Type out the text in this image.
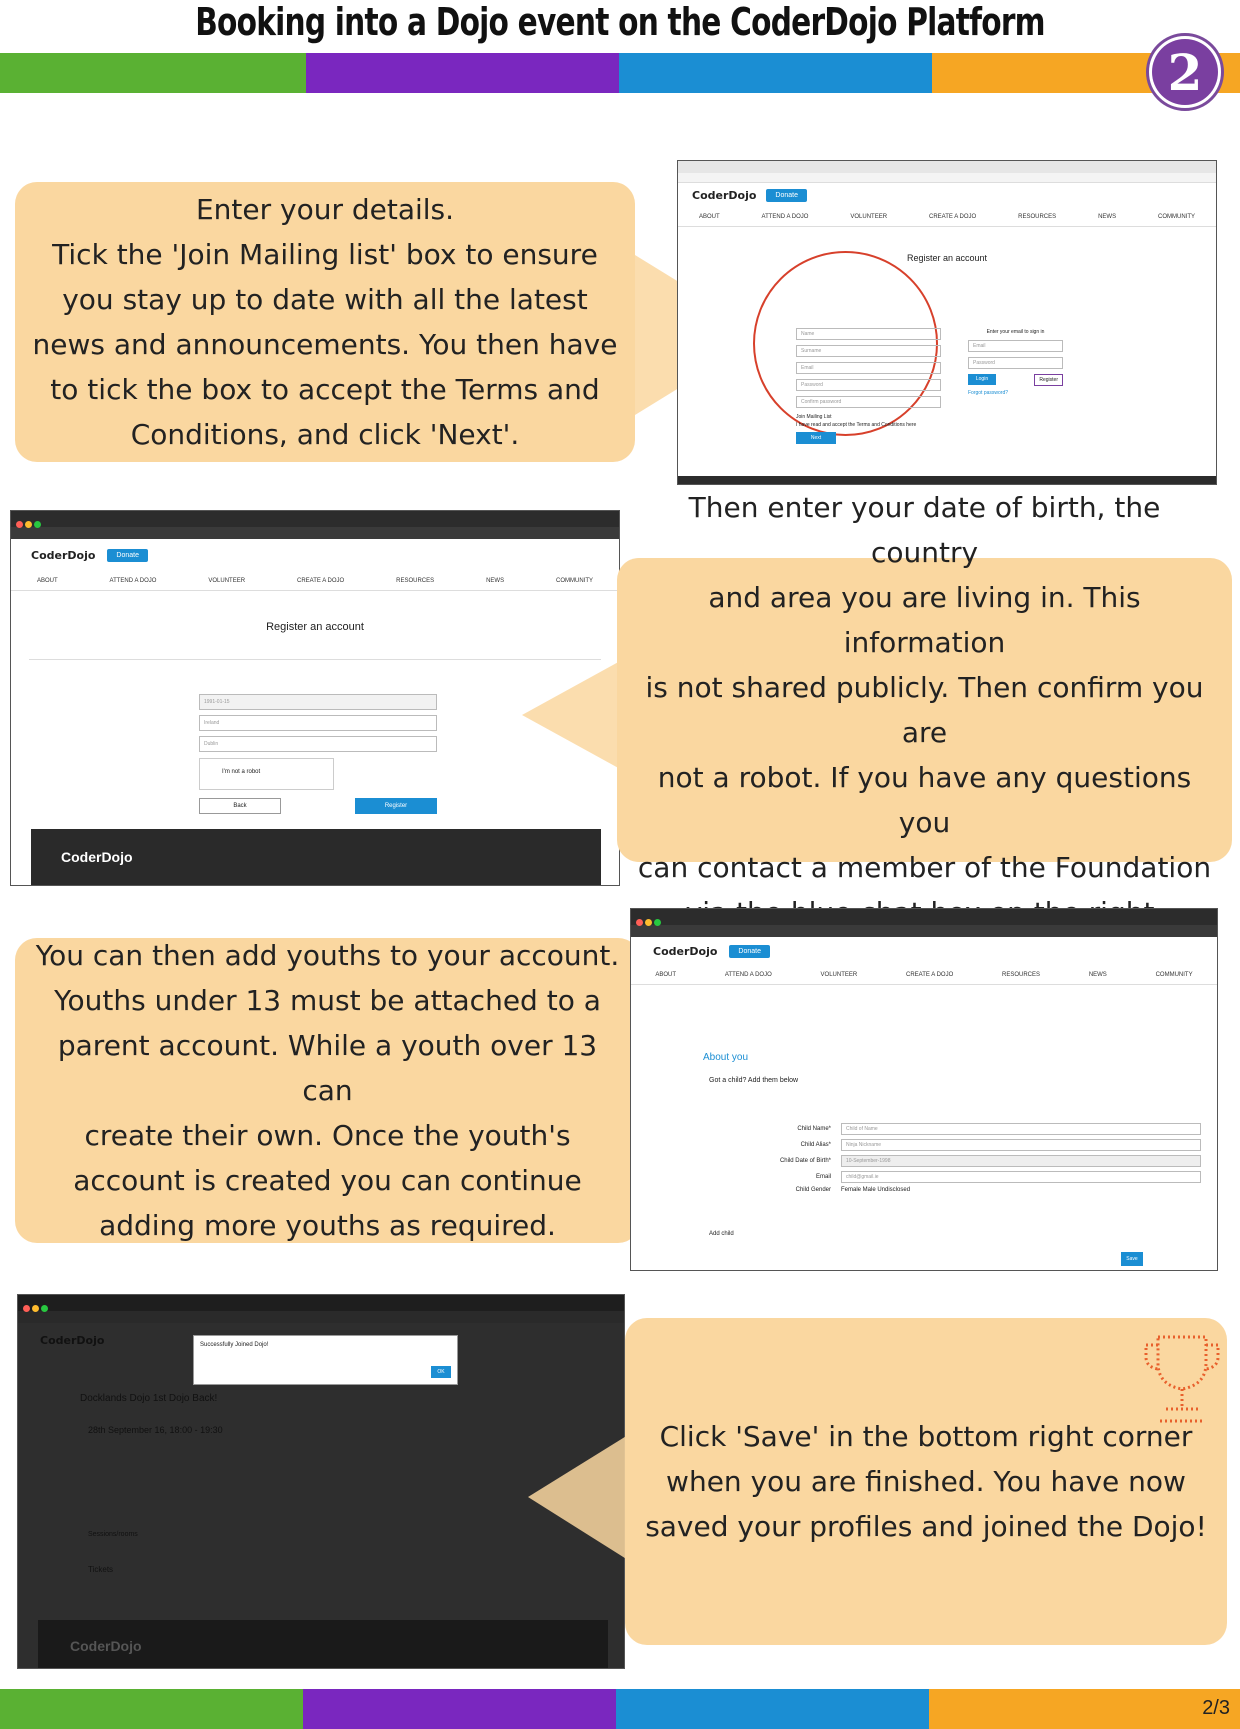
Booking into a Dojo event on the CoderDojo Platform
2
Enter your details.
Tick the 'Join Mailing list' box to ensure
you stay up to date with all the latest
news and announcements. You then have
to tick the box to accept the Terms and
Conditions, and click 'Next'.
CoderDojo	Donate
ABOUT	ATTEND A DOJO	VOLUNTEER	CREATE A DOJO	RESOURCES	NEWS	COMMUNITY
Register an account
Name
Surname
Email
Password
Confirm password
Join Mailing List
I have read and accept the Terms and Conditions here
Next
Enter your email to sign in
Email
Password
Login	Register
Forgot password?
CoderDojo	Donate
ABOUT	ATTEND A DOJO	VOLUNTEER	CREATE A DOJO	RESOURCES	NEWS	COMMUNITY
Register an account
1991-01-15
Ireland
Dublin
I'm not a robot
Back	Register
CoderDojo
Then enter your date of birth, the country
and area you are living in. This information
is not shared publicly. Then confirm you are
not a robot. If you have any questions you
can contact a member of the Foundation
You can then add youths to your account.
Youths under 13 must be attached to a
parent account. While a youth over 13 can
create their own. Once the youth's
account is created you can continue
adding more youths as required.
CoderDojo	Donate
ABOUT	ATTEND A DOJO	VOLUNTEER	CREATE A DOJO	RESOURCES	NEWS	COMMUNITY
About you
Got a child? Add them below
Child Name*	Child of Name
Child Alias*	Ninja Nickname
Child Date of Birth*	10-September-1998
Email	child@gmail.ie
Child Gender	Female Male Undisclosed
Add child
Save
CoderDojo	Successfully Joined Dojo!
OK
Docklands Dojo 1st Dojo Back!
28th September 16, 18:00 - 19:30
Sessions/rooms
Tickets
CoderDojo
Click 'Save' in the bottom right corner
when you are finished. You have now
saved your profiles and joined the Dojo!
2/3
